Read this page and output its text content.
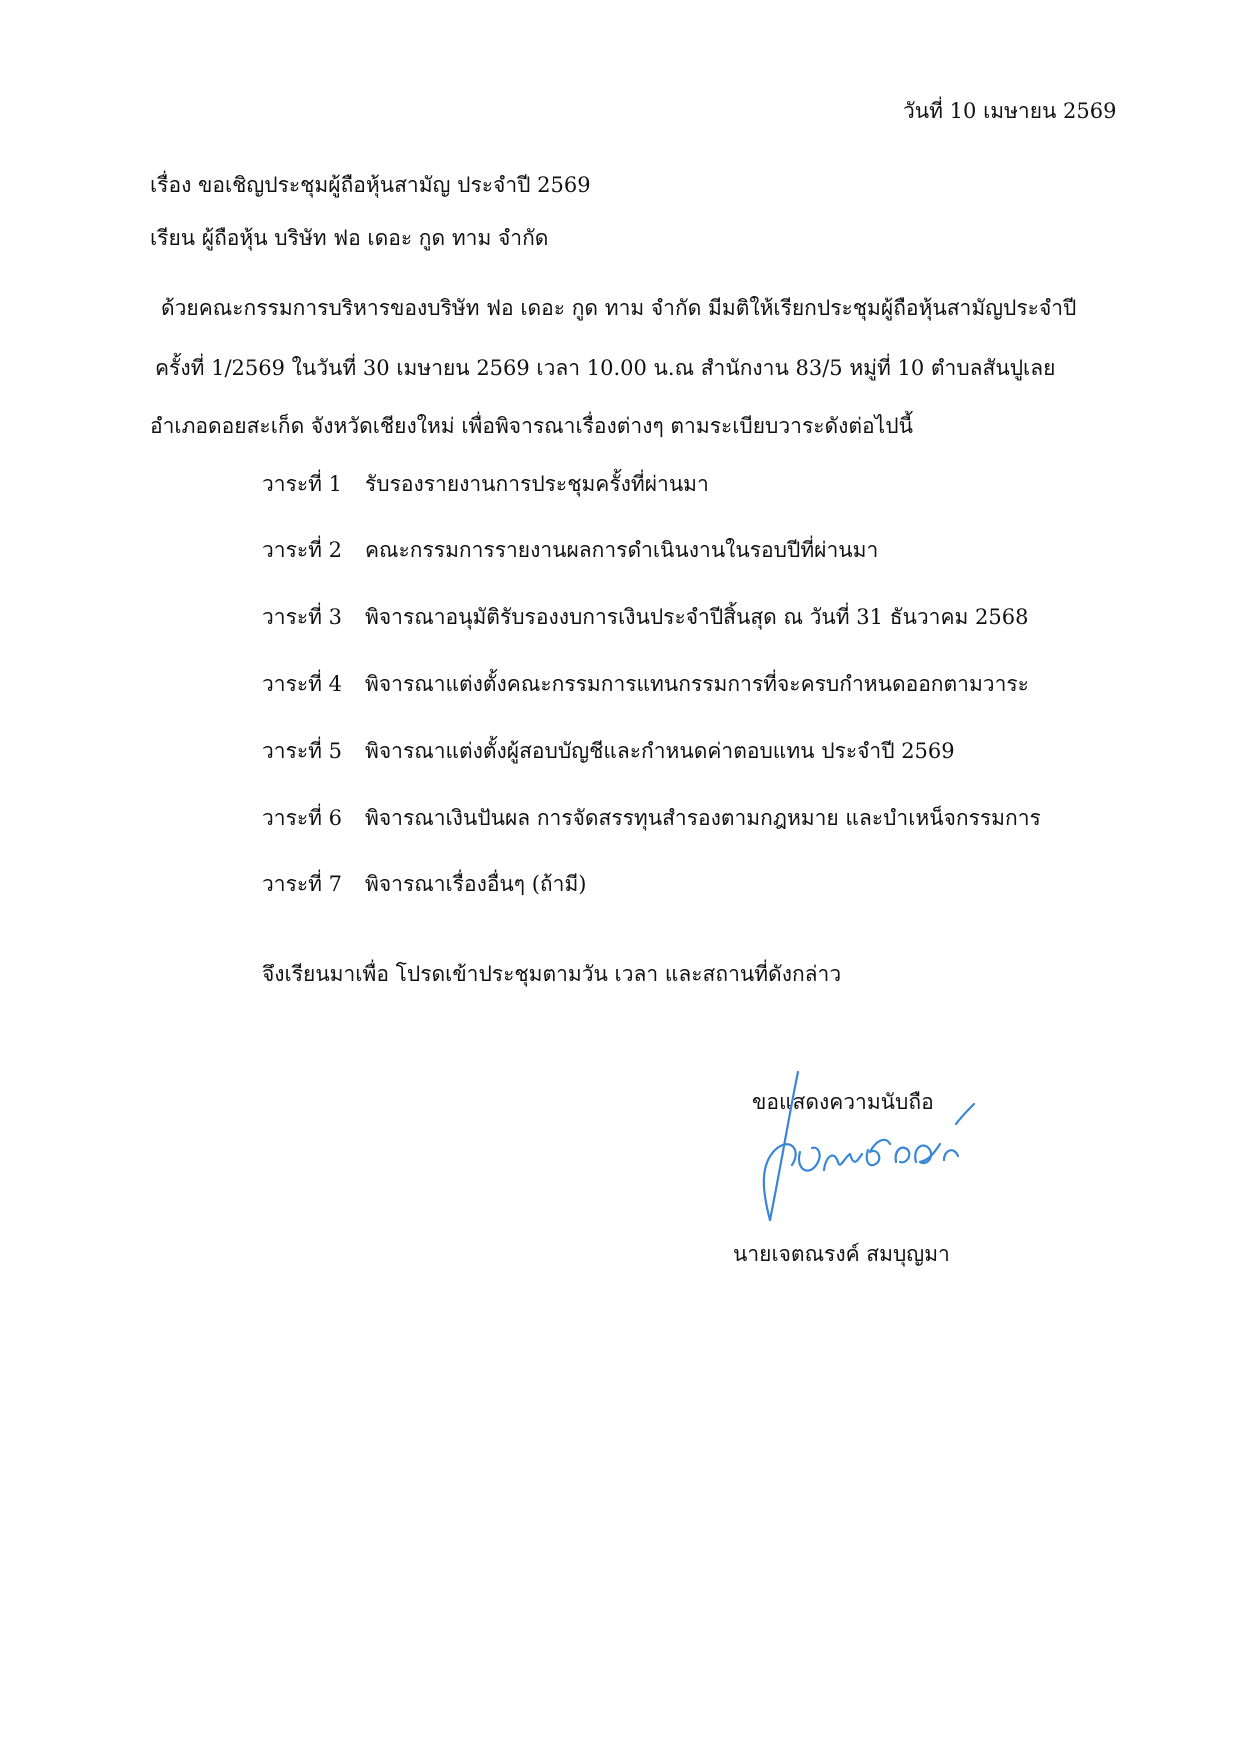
วันที่ 10 เมษายน 2569
เรื่อง ขอเชิญประชุมผู้ถือหุ้นสามัญ ประจำปี 2569
เรียน ผู้ถือหุ้น บริษัท ฟอ เดอะ กูด ทาม จำกัด
ด้วยคณะกรรมการบริหารของบริษัท ฟอ เดอะ กูด ทาม จำกัด มีมติให้เรียกประชุมผู้ถือหุ้นสามัญประจำปี
ครั้งที่ 1/2569 ในวันที่ 30 เมษายน 2569 เวลา 10.00 น.ณ สำนักงาน 83/5 หมู่ที่ 10 ตำบลสันปูเลย
อำเภอดอยสะเก็ด จังหวัดเชียงใหม่ เพื่อพิจารณาเรื่องต่างๆ ตามระเบียบวาระดังต่อไปนี้
วาระที่ 1	รับรองรายงานการประชุมครั้งที่ผ่านมา
วาระที่ 2	คณะกรรมการรายงานผลการดำเนินงานในรอบปีที่ผ่านมา
วาระที่ 3	พิจารณาอนุมัติรับรองงบการเงินประจำปีสิ้นสุด ณ วันที่ 31 ธันวาคม 2568
วาระที่ 4	พิจารณาแต่งตั้งคณะกรรมการแทนกรรมการที่จะครบกำหนดออกตามวาระ
วาระที่ 5	พิจารณาแต่งตั้งผู้สอบบัญชีและกำหนดค่าตอบแทน ประจำปี 2569
วาระที่ 6	พิจารณาเงินปันผล การจัดสรรทุนสำรองตามกฎหมาย และบำเหน็จกรรมการ
วาระที่ 7	พิจารณาเรื่องอื่นๆ (ถ้ามี)
จึงเรียนมาเพื่อ โปรดเข้าประชุมตามวัน เวลา และสถานที่ดังกล่าว
ขอแสดงความนับถือ
นายเจตณรงค์ สมบุญมา
